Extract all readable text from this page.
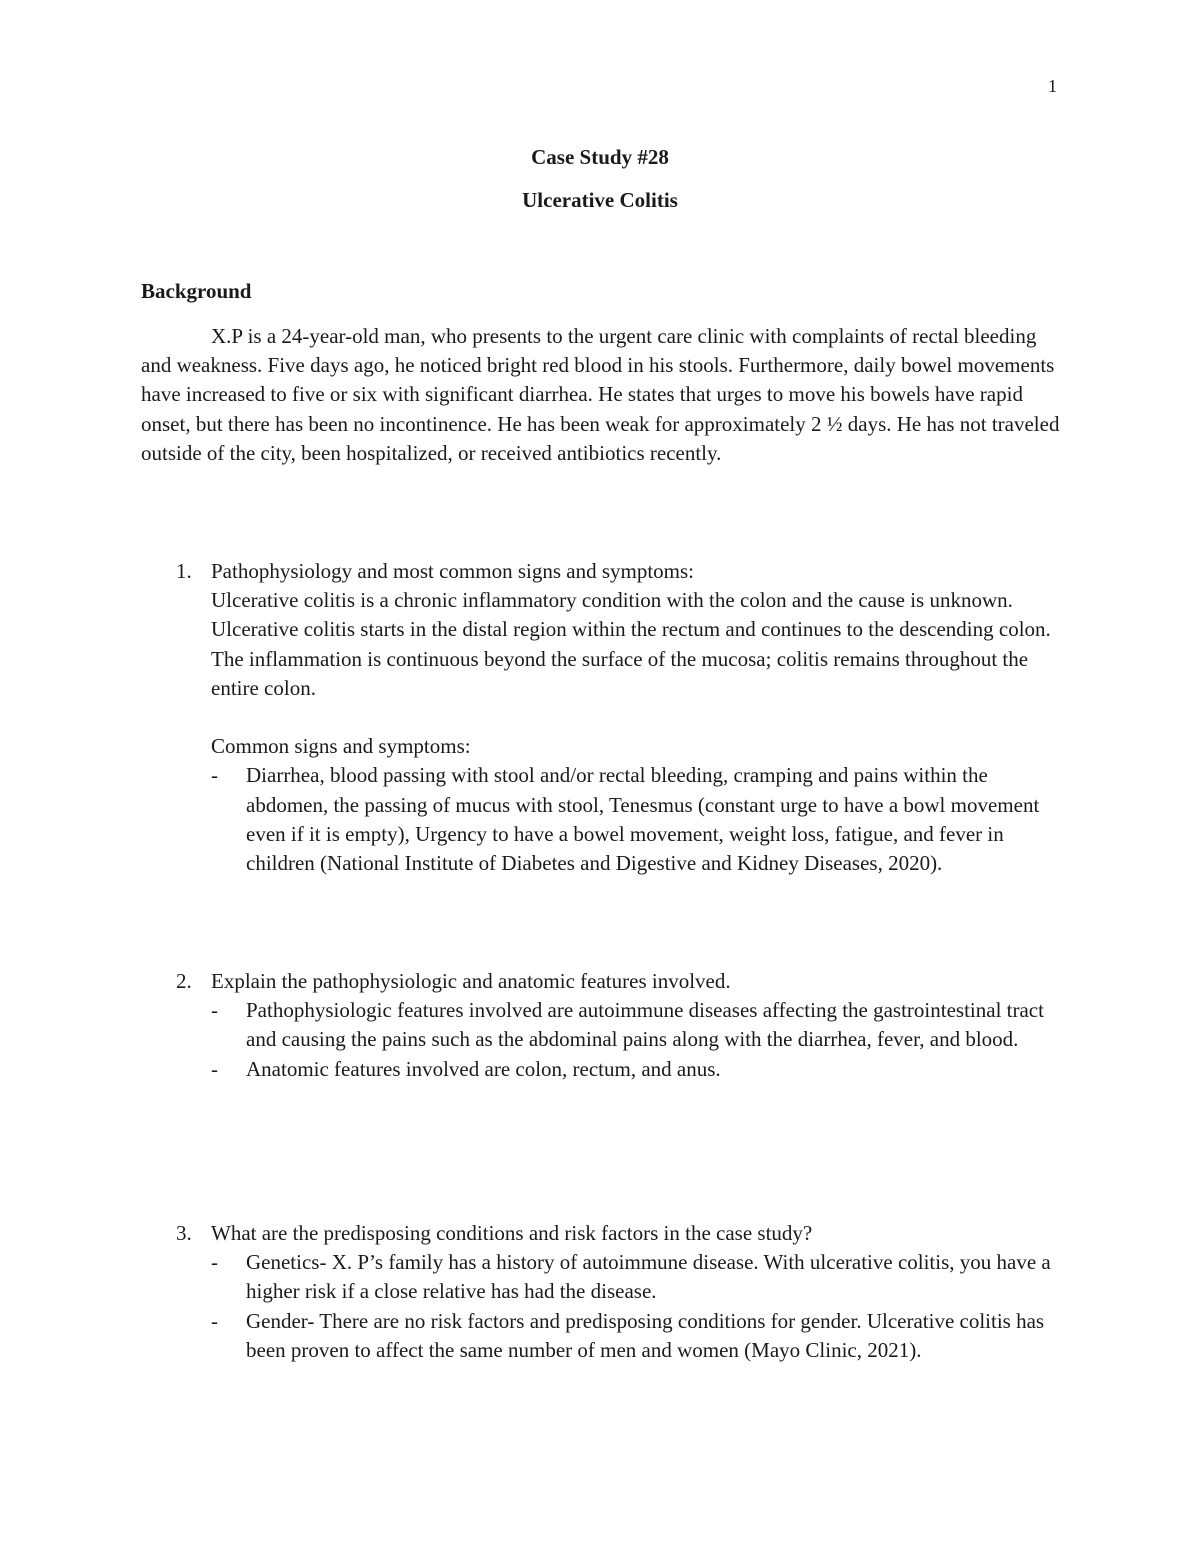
1
Case Study #28
Ulcerative Colitis
Background

X.P is a 24-year-old man, who presents to the urgent care clinic with complaints of rectal bleeding and weakness. Five days ago, he noticed bright red blood in his stools. Furthermore, daily bowel movements have increased to five or six with significant diarrhea. He states that urges to move his bowels have rapid onset, but there has been no incontinence. He has been weak for approximately 2 ½ days. He has not traveled outside of the city, been hospitalized, or received antibiotics recently.

1. Pathophysiology and most common signs and symptoms:
Ulcerative colitis is a chronic inflammatory condition with the colon and the cause is unknown. Ulcerative colitis starts in the distal region within the rectum and continues to the descending colon. The inflammation is continuous beyond the surface of the mucosa; colitis remains throughout the entire colon.
Common signs and symptoms:
-	Diarrhea, blood passing with stool and/or rectal bleeding, cramping and pains within the abdomen, the passing of mucus with stool, Tenesmus (constant urge to have a bowl movement even if it is empty), Urgency to have a bowel movement, weight loss, fatigue, and fever in children (National Institute of Diabetes and Digestive and Kidney Diseases, 2020).
2. Explain the pathophysiologic and anatomic features involved.
-	Pathophysiologic features involved are autoimmune diseases affecting the gastrointestinal tract and causing the pains such as the abdominal pains along with the diarrhea, fever, and blood.
-	Anatomic features involved are colon, rectum, and anus.
3. What are the predisposing conditions and risk factors in the case study?
-	Genetics- X. P’s family has a history of autoimmune disease. With ulcerative colitis, you have a higher risk if a close relative has had the disease.
-	Gender- There are no risk factors and predisposing conditions for gender. Ulcerative colitis has been proven to affect the same number of men and women (Mayo Clinic, 2021).
